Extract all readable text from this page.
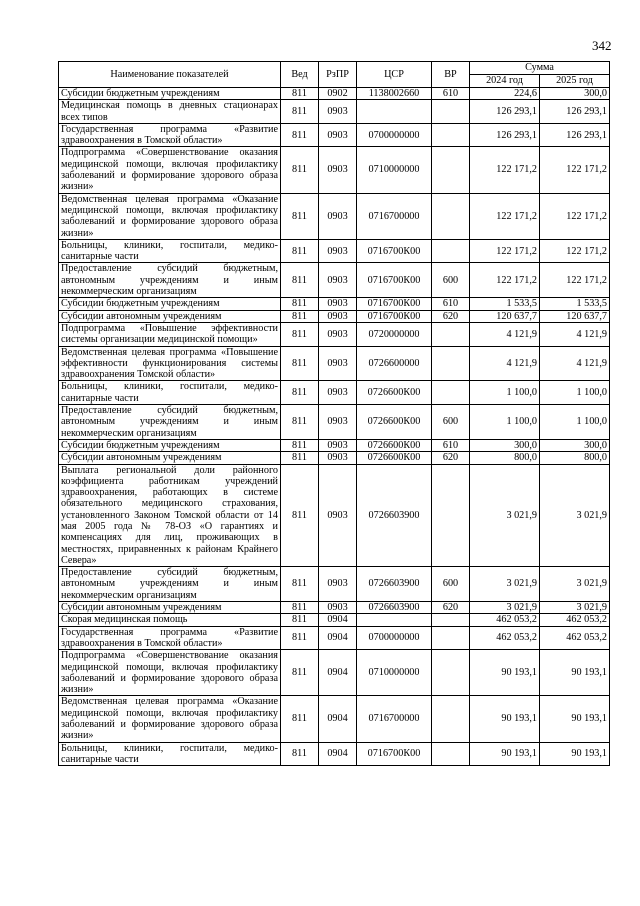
342
Наименование показателей	Вед	РзПР	ЦСР	ВР	Сумма	
					2024 год	2025 год
Субсидии бюджетным учреждениям	811	0902	1138002660	610	224,6	300,0
Медицинская помощь в дневных стационарах всех типов	811	0903			126 293,1	126 293,1
Государственная программа «Развитие здравоохранения в Томской области»	811	0903	0700000000		126 293,1	126 293,1
Подпрограмма «Совершенствование оказания медицинской помощи, включая профилактику заболеваний и формирование здорового образа жизни»	811	0903	0710000000		122 171,2	122 171,2
Ведомственная целевая программа «Оказание медицинской помощи, включая профилактику заболеваний и формирование здорового образа жизни»	811	0903	0716700000		122 171,2	122 171,2
Больницы, клиники, госпитали, медико-санитарные части	811	0903	0716700К00		122 171,2	122 171,2
Предоставление субсидий бюджетным, автономным учреждениям и иным некоммерческим организациям	811	0903	0716700К00	600	122 171,2	122 171,2
Субсидии бюджетным учреждениям	811	0903	0716700К00	610	1 533,5	1 533,5
Субсидии автономным учреждениям	811	0903	0716700К00	620	120 637,7	120 637,7
Подпрограмма «Повышение эффективности системы организации медицинской помощи»	811	0903	0720000000		4 121,9	4 121,9
Ведомственная целевая программа «Повышение эффективности функционирования системы здравоохранения Томской области»	811	0903	0726600000		4 121,9	4 121,9
Больницы, клиники, госпитали, медико-санитарные части	811	0903	0726600К00		1 100,0	1 100,0
Предоставление субсидий бюджетным, автономным учреждениям и иным некоммерческим организациям	811	0903	0726600К00	600	1 100,0	1 100,0
Субсидии бюджетным учреждениям	811	0903	0726600К00	610	300,0	300,0
Субсидии автономным учреждениям	811	0903	0726600К00	620	800,0	800,0
Выплата региональной доли районного коэффициента работникам учреждений здравоохранения, работающих в системе обязательного медицинского страхования, установленного Законом Томской области от 14 мая 2005 года № 78-ОЗ «О гарантиях и компенсациях для лиц, проживающих в местностях, приравненных к районам Крайнего Севера»	811	0903	0726603900		3 021,9	3 021,9
Предоставление субсидий бюджетным, автономным учреждениям и иным некоммерческим организациям	811	0903	0726603900	600	3 021,9	3 021,9
Субсидии автономным учреждениям	811	0903	0726603900	620	3 021,9	3 021,9
Скорая медицинская помощь	811	0904			462 053,2	462 053,2
Государственная программа «Развитие здравоохранения в Томской области»	811	0904	0700000000		462 053,2	462 053,2
Подпрограмма «Совершенствование оказания медицинской помощи, включая профилактику заболеваний и формирование здорового образа жизни»	811	0904	0710000000		90 193,1	90 193,1
Ведомственная целевая программа «Оказание медицинской помощи, включая профилактику заболеваний и формирование здорового образа жизни»	811	0904	0716700000		90 193,1	90 193,1
Больницы, клиники, госпитали, медико-санитарные части	811	0904	0716700К00		90 193,1	90 193,1
